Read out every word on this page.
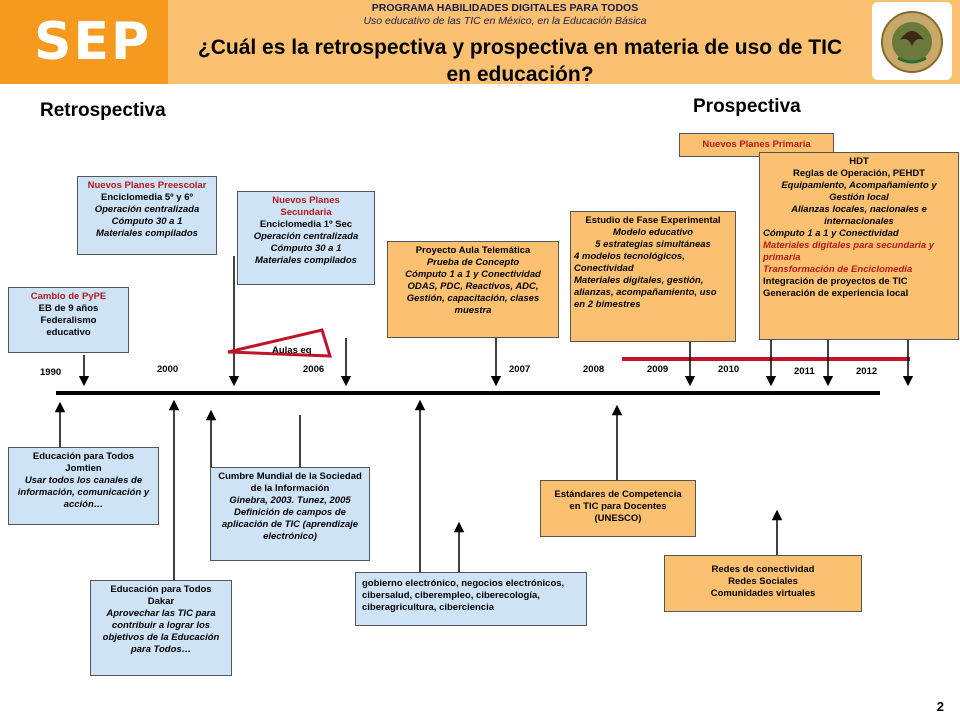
SEP
PROGRAMA HABILIDADES DIGITALES PARA TODOS
Uso educativo de las TIC en México, en la Educación Básica
¿Cuál es la retrospectiva y prospectiva en materia de uso de TIC
en educación?
Retrospectiva	Prospectiva
1990	2000	2006	2007	2008	2009	2010	2011	2012
Cambio de PyPE
EB de 9 años
Federalismo
educativo
Nuevos Planes Preescolar
Enciclomedia 5º y 6º
Operación centralizada
Cómputo 30 a 1
Materiales compilados
Nuevos Planes
Secundaria
Enciclomedia 1º Sec
Operación centralizada
Cómputo 30 a 1
Materiales compilados
Aulas eq
Proyecto Aula Telemática
Prueba de Concepto
Cómputo 1 a 1 y Conectividad
ODAS, PDC, Reactivos, ADC,
Gestión, capacitación, clases
muestra
Estudio de Fase Experimental
Modelo educativo
5 estrategias simultáneas
4 modelos tecnológicos,
Conectividad
Materiales digitales, gestión,
alianzas, acompañamiento, uso
en 2 bimestres
Nuevos Planes Primaria
HDT
Reglas de Operación, PEHDT
Equipamiento, Acompañamiento y
Gestión local
Alianzas locales, nacionales e
internacionales
Cómputo 1 a 1 y Conectividad
Materiales digitales para secundaria y
primaria
Transformación de Enciclomedia
Integración de proyectos de TIC
Generación de experiencia local
Educación para Todos
Jomtien
Usar todos los canales de
información, comunicación y
acción…
Educación para Todos
Dakar
Aprovechar las TIC para
contribuir a lograr los
objetivos de la Educación
para Todos…
Cumbre Mundial de la Sociedad
de la Información
Ginebra, 2003. Tunez, 2005
Definición de campos de
aplicación de TIC (aprendizaje
electrónico)
gobierno electrónico, negocios electrónicos,
cibersalud, ciberempleo, ciberecología,
ciberagricultura, ciberciencia
Estándares de Competencia
en TIC para Docentes
(UNESCO)
Redes de conectividad
Redes Sociales
Comunidades virtuales
2
